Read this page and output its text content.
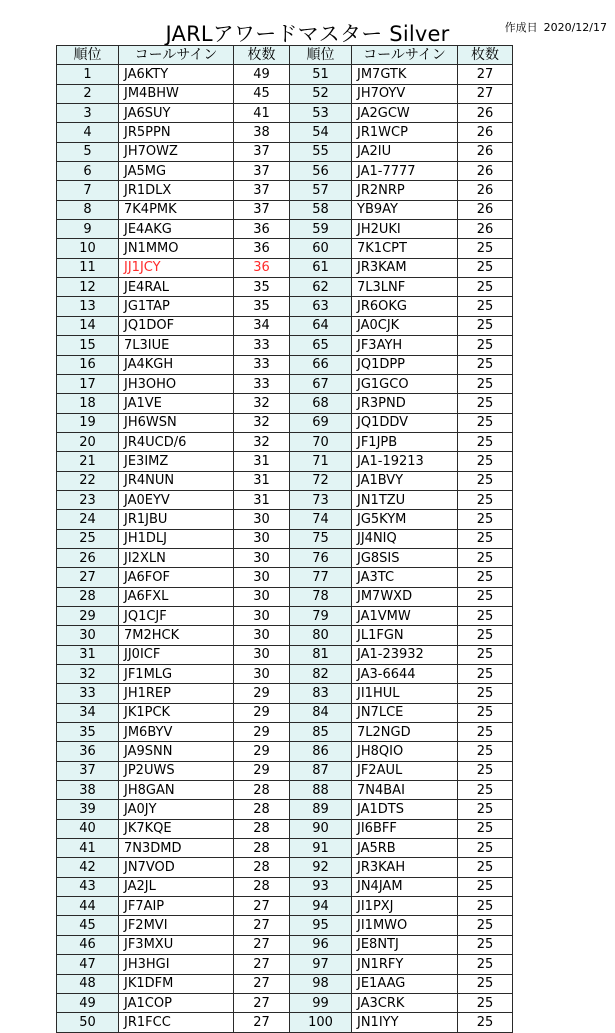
JARLアワードマスター Silver	作成日 2020/12/17
順位	コールサイン	枚数	順位	コールサイン	枚数
1	JA6KTY	49	51	JM7GTK	27
2	JM4BHW	45	52	JH7OYV	27
3	JA6SUY	41	53	JA2GCW	26
4	JR5PPN	38	54	JR1WCP	26
5	JH7OWZ	37	55	JA2IU	26
6	JA5MG	37	56	JA1-7777	26
7	JR1DLX	37	57	JR2NRP	26
8	7K4PMK	37	58	YB9AY	26
9	JE4AKG	36	59	JH2UKI	26
10	JN1MMO	36	60	7K1CPT	25
11	JJ1JCY	36	61	JR3KAM	25
12	JE4RAL	35	62	7L3LNF	25
13	JG1TAP	35	63	JR6OKG	25
14	JQ1DOF	34	64	JA0CJK	25
15	7L3IUE	33	65	JF3AYH	25
16	JA4KGH	33	66	JQ1DPP	25
17	JH3OHO	33	67	JG1GCO	25
18	JA1VE	32	68	JR3PND	25
19	JH6WSN	32	69	JQ1DDV	25
20	JR4UCD/6	32	70	JF1JPB	25
21	JE3IMZ	31	71	JA1-19213	25
22	JR4NUN	31	72	JA1BVY	25
23	JA0EYV	31	73	JN1TZU	25
24	JR1JBU	30	74	JG5KYM	25
25	JH1DLJ	30	75	JJ4NIQ	25
26	JI2XLN	30	76	JG8SIS	25
27	JA6FOF	30	77	JA3TC	25
28	JA6FXL	30	78	JM7WXD	25
29	JQ1CJF	30	79	JA1VMW	25
30	7M2HCK	30	80	JL1FGN	25
31	JJ0ICF	30	81	JA1-23932	25
32	JF1MLG	30	82	JA3-6644	25
33	JH1REP	29	83	JI1HUL	25
34	JK1PCK	29	84	JN7LCE	25
35	JM6BYV	29	85	7L2NGD	25
36	JA9SNN	29	86	JH8QIO	25
37	JP2UWS	29	87	JF2AUL	25
38	JH8GAN	28	88	7N4BAI	25
39	JA0JY	28	89	JA1DTS	25
40	JK7KQE	28	90	JI6BFF	25
41	7N3DMD	28	91	JA5RB	25
42	JN7VOD	28	92	JR3KAH	25
43	JA2JL	28	93	JN4JAM	25
44	JF7AIP	27	94	JI1PXJ	25
45	JF2MVI	27	95	JI1MWO	25
46	JF3MXU	27	96	JE8NTJ	25
47	JH3HGI	27	97	JN1RFY	25
48	JK1DFM	27	98	JE1AAG	25
49	JA1COP	27	99	JA3CRK	25
50	JR1FCC	27	100	JN1IYY	25
